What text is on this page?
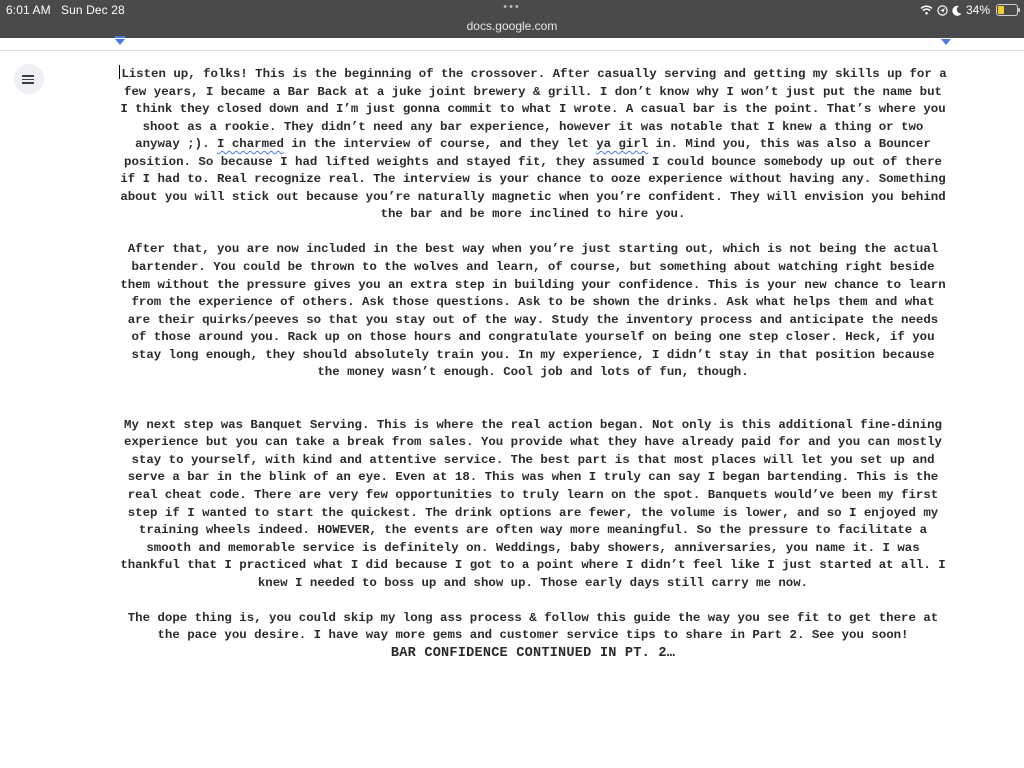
6:01 AM Sun Dec 28	•••
docs.google.com
34%

Listen up, folks! This is the beginning of the crossover. After casually serving and getting my skills up for a few years, I became a Bar Back at a juke joint brewery & grill. I don’t know why I won’t just put the name but I think they closed down and I’m just gonna commit to what I wrote. A casual bar is the point. That’s where you shoot as a rookie. They didn’t need any bar experience, however it was notable that I knew a thing or two anyway ;). I charmed in the interview of course, and they let ya girl in. Mind you, this was also a Bouncer position. So because I had lifted weights and stayed fit, they assumed I could bounce somebody up out of there if I had to. Real recognize real. The interview is your chance to ooze experience without having any. Something about you will stick out because you’re naturally magnetic when you’re confident. They will envision you behind the bar and be more inclined to hire you.

After that, you are now included in the best way when you’re just starting out, which is not being the actual bartender. You could be thrown to the wolves and learn, of course, but something about watching right beside them without the pressure gives you an extra step in building your confidence. This is your new chance to learn from the experience of others. Ask those questions. Ask to be shown the drinks. Ask what helps them and what are their quirks/peeves so that you stay out of the way. Study the inventory process and anticipate the needs of those around you. Rack up on those hours and congratulate yourself on being one step closer. Heck, if you stay long enough, they should absolutely train you. In my experience, I didn’t stay in that position because the money wasn’t enough. Cool job and lots of fun, though.

My next step was Banquet Serving. This is where the real action began. Not only is this additional fine-dining experience but you can take a break from sales. You provide what they have already paid for and you can mostly stay to yourself, with kind and attentive service. The best part is that most places will let you set up and serve a bar in the blink of an eye. Even at 18. This was when I truly can say I began bartending. This is the real cheat code. There are very few opportunities to truly learn on the spot. Banquets would’ve been my first step if I wanted to start the quickest. The drink options are fewer, the volume is lower, and so I enjoyed my training wheels indeed. HOWEVER, the events are often way more meaningful. So the pressure to facilitate a smooth and memorable service is definitely on. Weddings, baby showers, anniversaries, you name it. I was thankful that I practiced what I did because I got to a point where I didn’t feel like I just started at all. I knew I needed to boss up and show up. Those early days still carry me now.

The dope thing is, you could skip my long ass process & follow this guide the way you see fit to get there at the pace you desire. I have way more gems and customer service tips to share in Part 2. See you soon!

BAR CONFIDENCE CONTINUED IN PT. 2…
